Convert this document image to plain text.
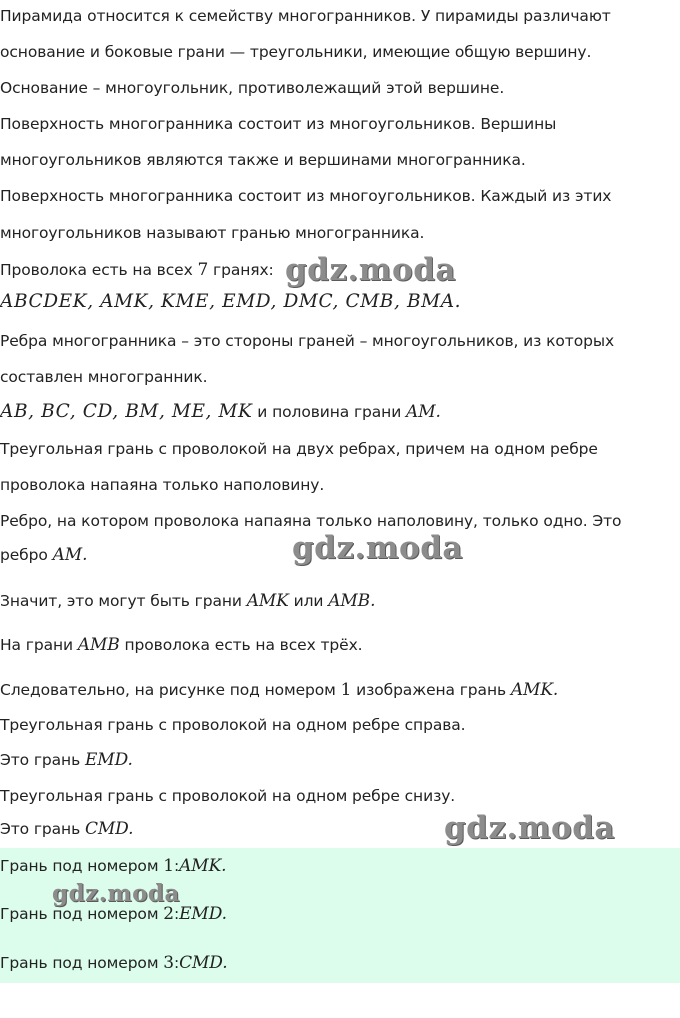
Пирамида относится к семейству многогранников. У пирамиды различают
основание и боковые грани — треугольники, имеющие общую вершину.
Основание – многоугольник, противолежащий этой вершине.
Поверхность многогранника состоит из многоугольников. Вершины
многоугольников являются также и вершинами многогранника.
Поверхность многогранника состоит из многоугольников. Каждый из этих
многоугольников называют гранью многогранника.
Проволока есть на всех 7 гранях:
ABCDEK, AMK, KME, EMD, DMC, CMB, BMA.
Ребра многогранника – это стороны граней – многоугольников, из которых
составлен многогранник.
AB, BC, CD, BM, ME, MK и половина грани AM.
Треугольная грань с проволокой на двух ребрах, причем на одном ребре
проволока напаяна только наполовину.
Ребро, на котором проволока напаяна только наполовину, только одно. Это
ребро AM.
Значит, это могут быть грани AMK или AMB.
На грани AMB проволока есть на всех трёх.
Следовательно, на рисунке под номером 1 изображена грань AMK.
Треугольная грань с проволокой на одном ребре справа.
Это грань EMD.
Треугольная грань с проволокой на одном ребре снизу.
Это грань CMD.
Грань под номером 1:AMK.
Грань под номером 2:EMD.
Грань под номером 3:CMD.
gdz.moda
gdz.moda
gdz.moda
gdz.moda
